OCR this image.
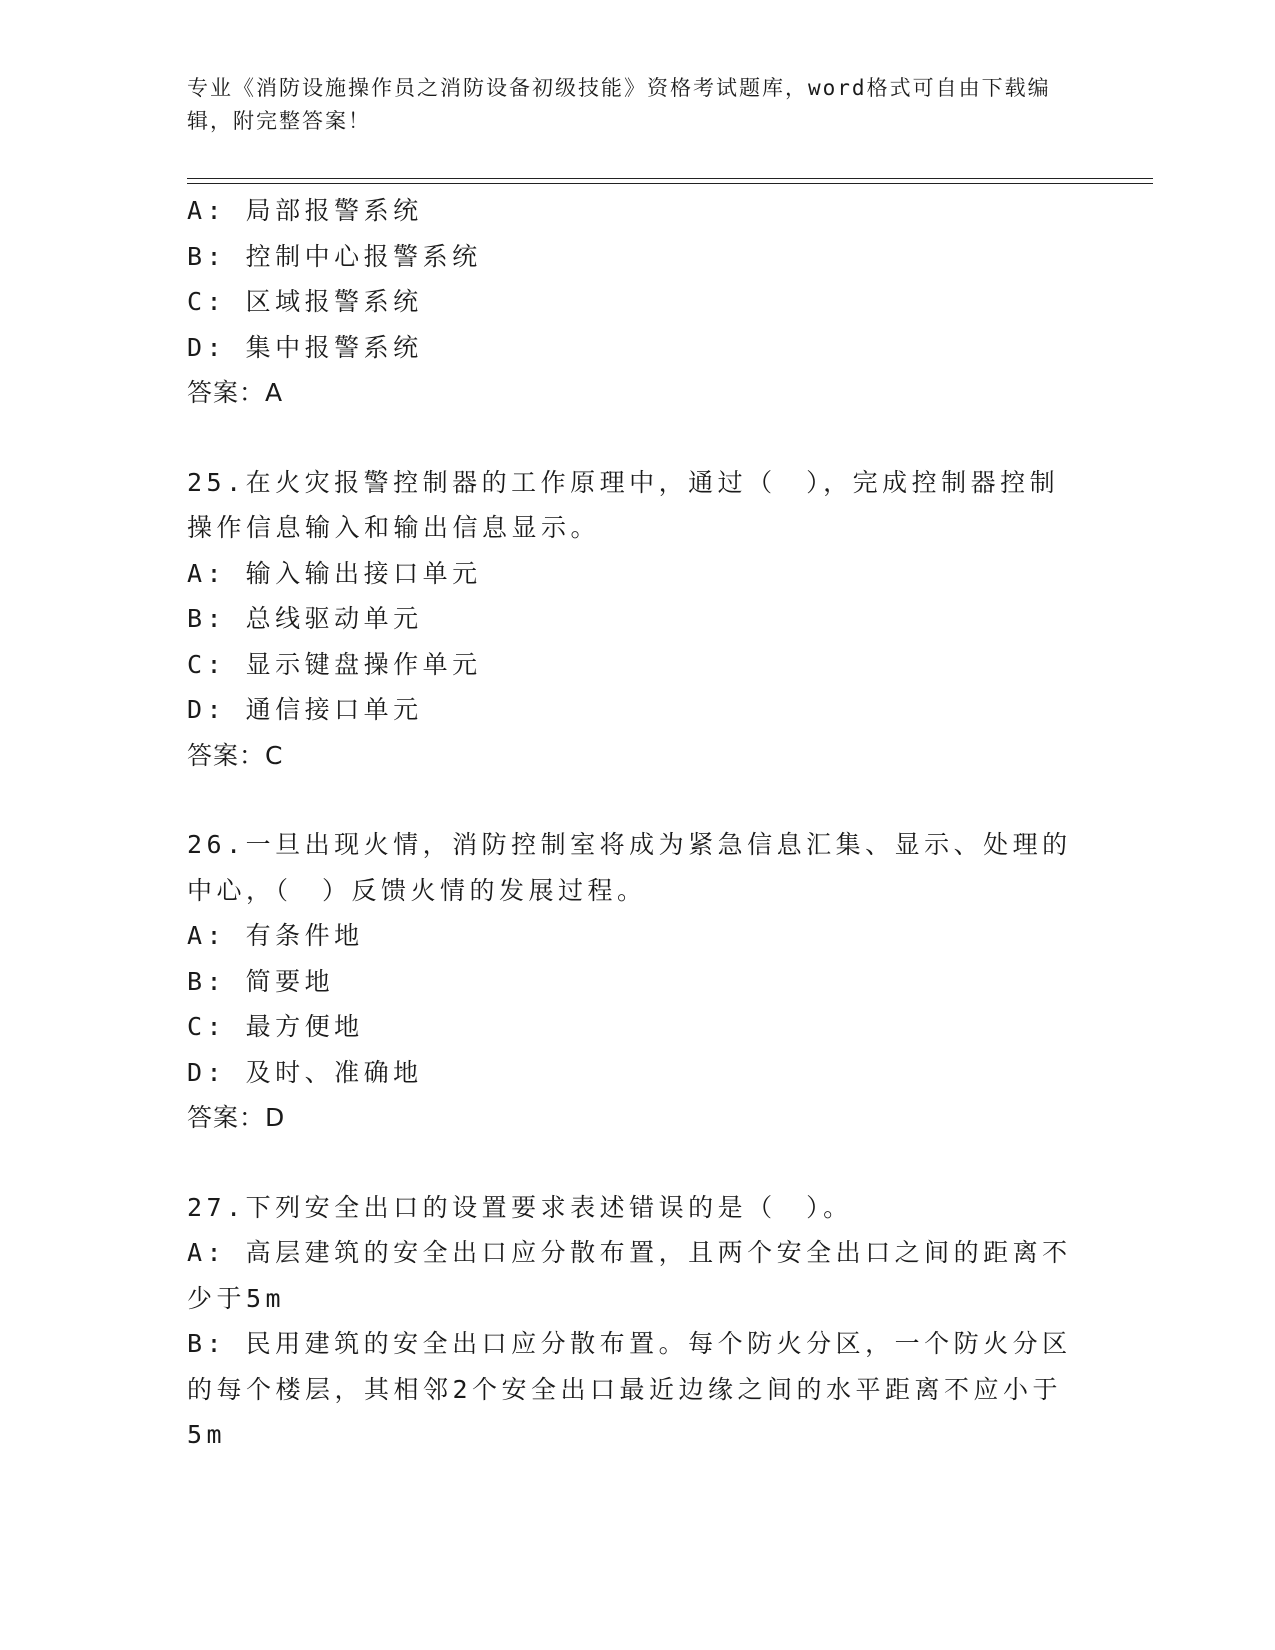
专业《消防设施操作员之消防设备初级技能》资格考试题库，word格式可自由下载编辑，附完整答案！
A: 局部报警系统
B: 控制中心报警系统
C: 区域报警系统
D: 集中报警系统
答案：A
25.在火灾报警控制器的工作原理中，通过（　），完成控制器控制操作信息输入和输出信息显示。
A: 输入输出接口单元
B: 总线驱动单元
C: 显示键盘操作单元
D: 通信接口单元
答案：C
26.一旦出现火情，消防控制室将成为紧急信息汇集、显示、处理的中心，（　）反馈火情的发展过程。
A: 有条件地
B: 简要地
C: 最方便地
D: 及时、准确地
答案：D
27.下列安全出口的设置要求表述错误的是（　）。
A: 高层建筑的安全出口应分散布置，且两个安全出口之间的距离不少于5m
B: 民用建筑的安全出口应分散布置。每个防火分区，一个防火分区的每个楼层，其相邻2个安全出口最近边缘之间的水平距离不应小于5m
